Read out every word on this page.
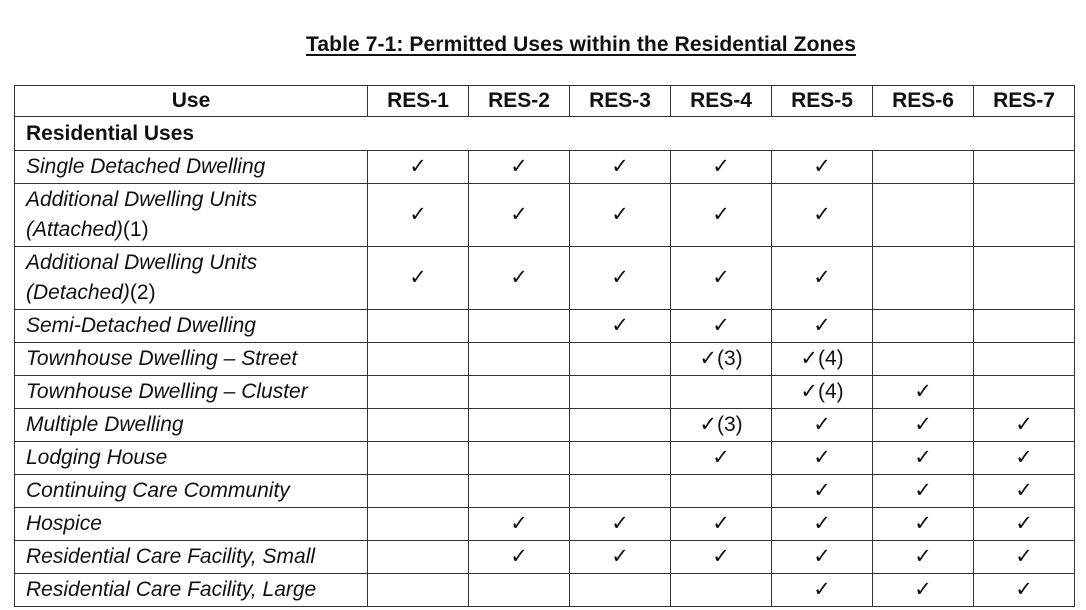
Table 7-1: Permitted Uses within the Residential Zones
Use	RES-1	RES-2	RES-3	RES-4	RES-5	RES-6	RES-7
Residential Uses							
Single Detached Dwelling	✓	✓	✓	✓	✓		
Additional Dwelling Units
(Attached)(1)	✓	✓	✓	✓	✓		
Additional Dwelling Units
(Detached)(2)	✓	✓	✓	✓	✓		
Semi-Detached Dwelling			✓	✓	✓		
Townhouse Dwelling – Street				✓(3)	✓(4)		
Townhouse Dwelling – Cluster					✓(4)	✓	
Multiple Dwelling				✓(3)	✓	✓	✓
Lodging House				✓	✓	✓	✓
Continuing Care Community					✓	✓	✓
Hospice		✓	✓	✓	✓	✓	✓
Residential Care Facility, Small		✓	✓	✓	✓	✓	✓
Residential Care Facility, Large					✓	✓	✓
